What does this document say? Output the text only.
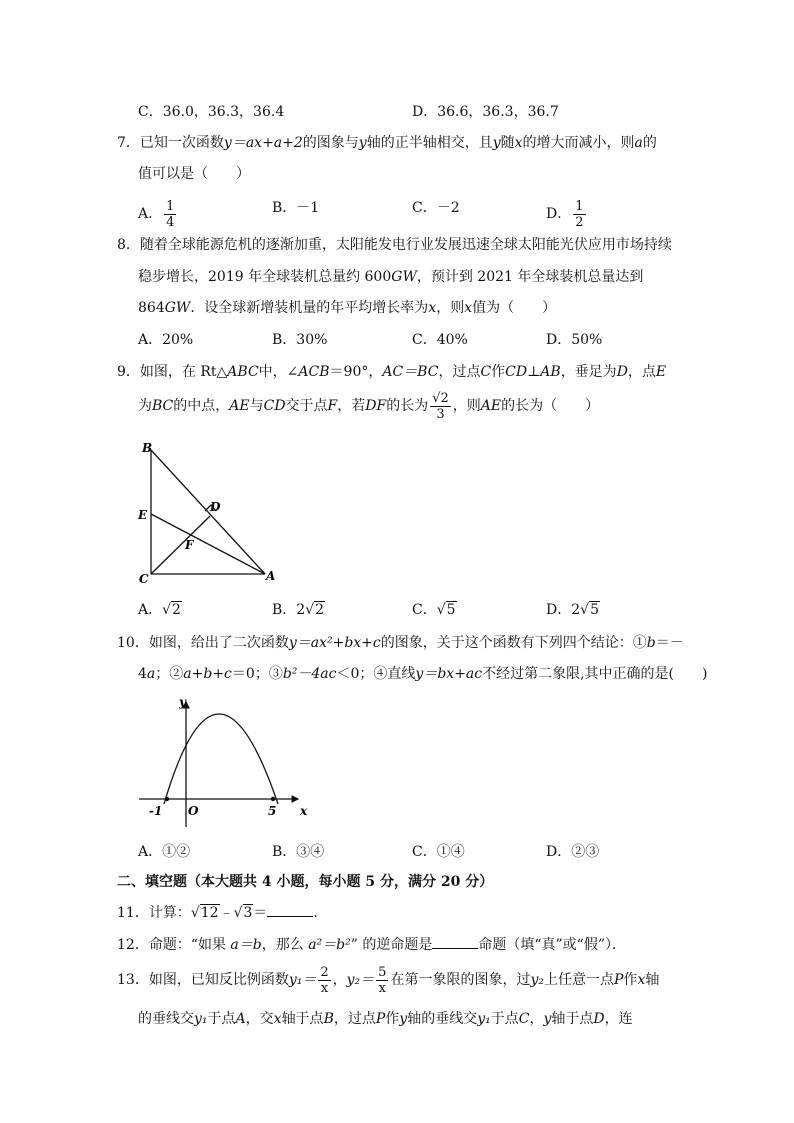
C．36.0，36.3，36.4	D．36.6，36.3，36.7
7．已知一次函数y＝ax+a+2的图象与y轴的正半轴相交，且y随x的增大而减小，则a的
值可以是（　　）
A． $\frac{1}{4}$	B．－1	C．－2	D． $\frac{1}{2}$
8．随着全球能源危机的逐渐加重，太阳能发电行业发展迅速全球太阳能光伏应用市场持续
稳步增长，2019 年全球装机总量约 600GW，预计到 2021 年全球装机总量达到
864GW．设全球新增装机量的年平均增长率为x，则x值为（　　）
A．20%	B．30%	C．40%	D．50%
9．如图，在 Rt△ABC中，∠ACB＝90°，AC＝BC，过点C作CD⊥AB，垂足为D，点E
为BC的中点，AE与CD交于点F，若DF的长为 $\frac{√2}{3}$ ，则AE的长为（　　）
B
D
E
F
C	A
A．√2	B．2√2	C．√5	D．2√5
10．如图，给出了二次函数y＝ax²+bx+c的图象，关于这个函数有下列四个结论：①b＝－
4a；②a+b+c＝0；③b²－4ac＜0；④直线y＝bx+ac不经过第二象限,其中正确的是(　　)
y
x
O
-1	5
A．①②	B．③④	C．①④	D．②③
二、填空题（本大题共 4 小题，每小题 5 分，满分 20 分）
11．计算：√12﹣√3＝	．
12．命题：“如果 a＝b，那么 a²＝b²” 的逆命题是	命题（填“真”或“假”）．
13．如图，已知反比例函数$y_1= \frac{2}{x}$ ，$y_2= \frac{5}{x}$ 在第一象限的图象，过y₂上任意一点P作x轴
的垂线交y₁于点A，交x轴于点B，过点P作y轴的垂线交y₁于点C，y轴于点D，连
